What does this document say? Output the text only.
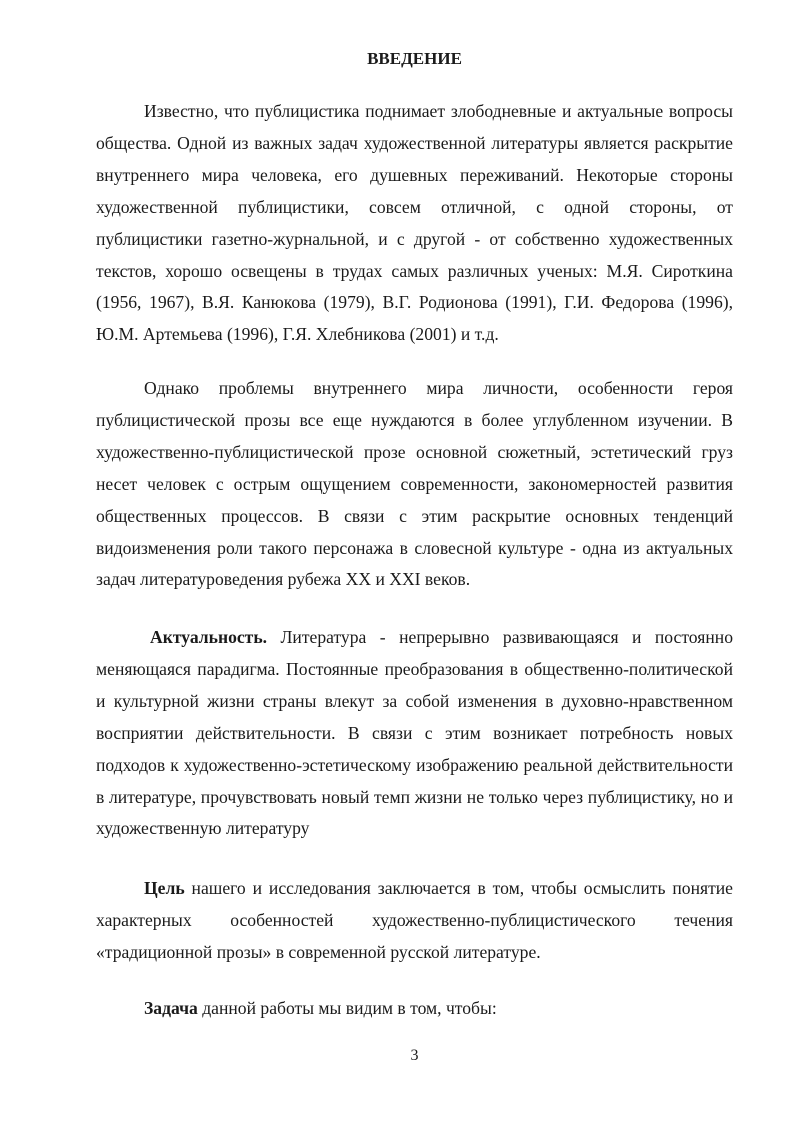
ВВЕДЕНИЕ

Известно, что публицистика поднимает злободневные и актуальные вопросы общества. Одной из важных задач художественной литературы является раскрытие внутреннего мира человека, его душевных переживаний. Некоторые стороны художественной публицистики, совсем отличной, с одной стороны, от публицистики газетно-журнальной, и с другой - от собственно художественных текстов, хорошо освещены в трудах самых различных ученых: М.Я. Сироткина (1956, 1967), В.Я. Канюкова (1979), В.Г. Родионова (1991), Г.И. Федорова (1996), Ю.М. Артемьева (1996), Г.Я. Хлебникова (2001) и т.д.

Однако проблемы внутреннего мира личности, особенности героя публицистической прозы все еще нуждаются в более углубленном изучении. В художественно-публицистической прозе основной сюжетный, эстетический груз несет человек с острым ощущением современности, закономерностей развития общественных процессов. В связи с этим раскрытие основных тенденций видоизменения роли такого персонажа в словесной культуре - одна из актуальных задач литературоведения рубежа XX и XXI веков.

Актуальность. Литература - непрерывно развивающаяся и постоянно меняющаяся парадигма. Постоянные преобразования в общественно-политической и культурной жизни страны влекут за собой изменения в духовно-нравственном восприятии действительности. В связи с этим возникает потребность новых подходов к художественно-эстетическому изображению реальной действительности в литературе, прочувствовать новый темп жизни не только через публицистику, но и художественную литературу

Цель нашего и исследования заключается в том, чтобы осмыслить понятие характерных особенностей художественно-публицистического течения «традиционной прозы» в современной русской литературе.

Задача данной работы мы видим в том, чтобы:

3
